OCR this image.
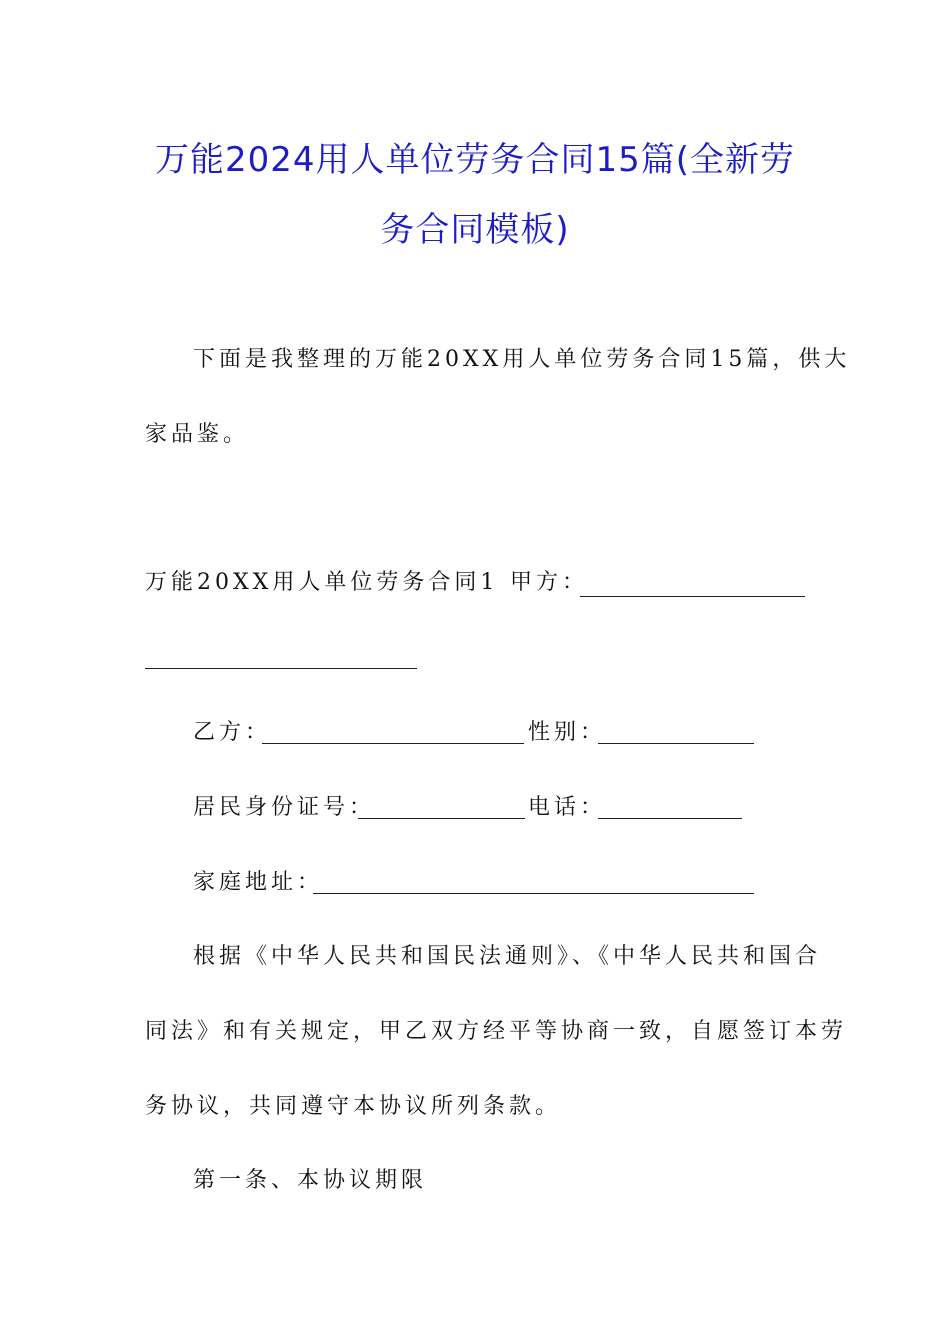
万能2024用人单位劳务合同15篇(全新劳
务合同模板)
下面是我整理的万能20XX用人单位劳务合同15篇，供大
家品鉴。
万能20XX用人单位劳务合同1 甲方：
乙方：	性别：
居民身份证号：	电话：
家庭地址：
根据《中华人民共和国民法通则》、《中华人民共和国合
同法》和有关规定，甲乙双方经平等协商一致，自愿签订本劳
务协议，共同遵守本协议所列条款。
第一条、本协议期限
